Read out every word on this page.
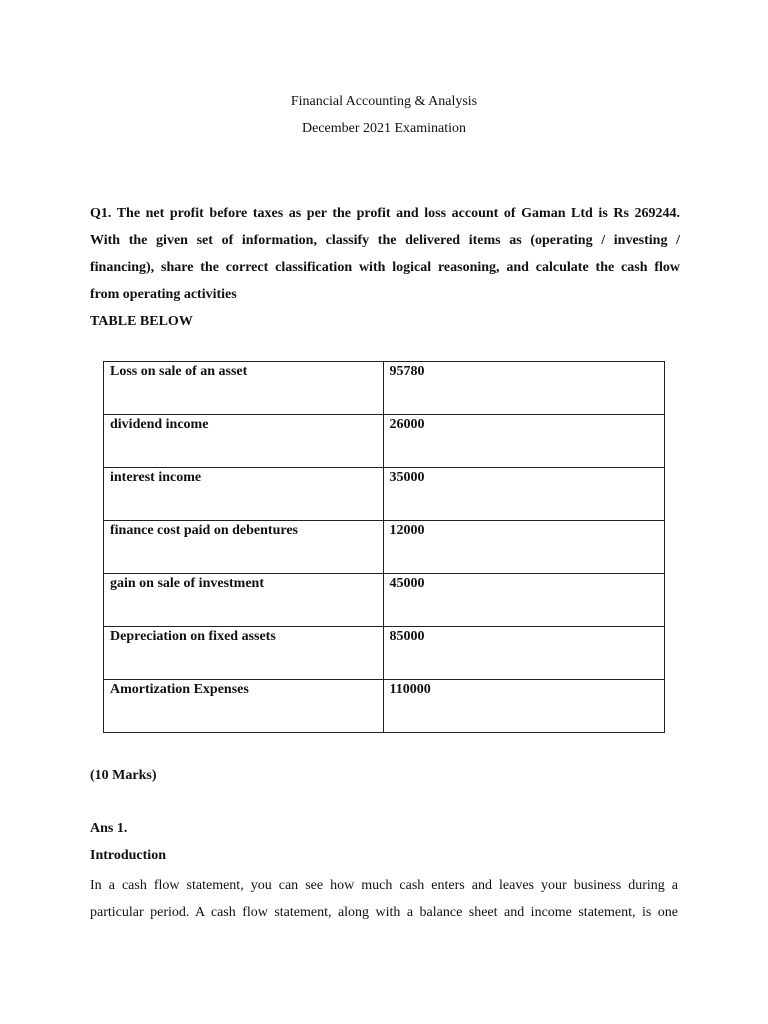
Financial Accounting & Analysis
December 2021 Examination

Q1. The net profit before taxes as per the profit and loss account of Gaman Ltd is Rs 269244.

With the given set of information, classify the delivered items as (operating / investing /

financing), share the correct classification with logical reasoning, and calculate the cash flow

from operating activities

TABLE BELOW

Loss on sale of an asset	95780
dividend income	26000
interest income	35000
finance cost paid on debentures	12000
gain on sale of investment	45000
Depreciation on fixed assets	85000
Amortization Expenses	110000
(10 Marks)
Ans 1.
Introduction
In a cash flow statement, you can see how much cash enters and leaves your business during a
particular period. A cash flow statement, along with a balance sheet and income statement, is one
